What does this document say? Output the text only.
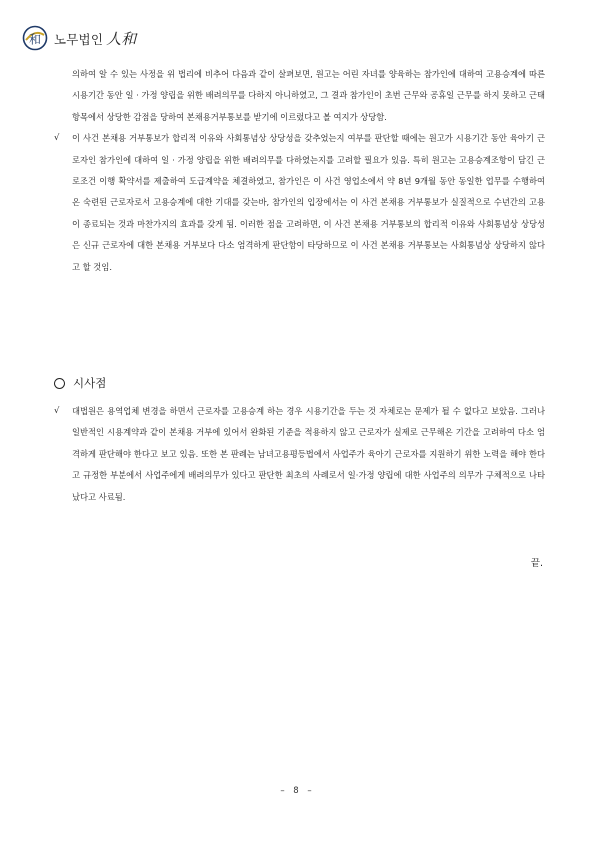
和 노무법인 人和

의하여 알 수 있는 사정을 위 법리에 비추어 다음과 같이 살펴보면, 원고는 어린 자녀를 양육하는 참가인에 대하여 고용승계에 따른 시용기간 동안 일 · 가정 양립을 위한 배려의무를 다하지 아니하였고, 그 결과 참가인이 초번 근무와 공휴일 근무를 하지 못하고 근태 항목에서 상당한 감점을 당하여 본채용거부통보를 받기에 이르렀다고 볼 여지가 상당함.

√ 이 사건 본채용 거부통보가 합리적 이유와 사회통념상 상당성을 갖추었는지 여부를 판단할 때에는 원고가 시용기간 동안 육아기 근로자인 참가인에 대하여 일 · 가정 양립을 위한 배려의무를 다하였는지를 고려할 필요가 있음. 특히 원고는 고용승계조항이 담긴 근로조건 이행 확약서를 제출하여 도급계약을 체결하였고, 참가인은 이 사건 영업소에서 약 8년 9개월 동안 동일한 업무를 수행하여 온 숙련된 근로자로서 고용승계에 대한 기대를 갖는바, 참가인의 입장에서는 이 사건 본채용 거부통보가 실질적으로 수년간의 고용이 종료되는 것과 마찬가지의 효과를 갖게 됨. 이러한 점을 고려하면, 이 사건 본채용 거부통보의 합리적 이유와 사회통념상 상당성은 신규 근로자에 대한 본채용 거부보다 다소 엄격하게 판단함이 타당하므로 이 사건 본채용 거부통보는 사회통념상 상당하지 않다고 할 것임.

시사점

√ 대법원은 용역업체 변경을 하면서 근로자를 고용승계 하는 경우 시용기간을 두는 것 자체로는 문제가 될 수 없다고 보았음. 그러나 일반적인 시용계약과 같이 본채용 거부에 있어서 완화된 기준을 적용하지 않고 근로자가 실제로 근무해온 기간을 고려하여 다소 엄격하게 판단해야 한다고 보고 있음. 또한 본 판례는 남녀고용평등법에서 사업주가 육아기 근로자를 지원하기 위한 노력을 해야 한다고 규정한 부분에서 사업주에게 배려의무가 있다고 판단한 최초의 사례로서 일·가정 양립에 대한 사업주의 의무가 구체적으로 나타났다고 사료됨.

끝.
– 8 –
